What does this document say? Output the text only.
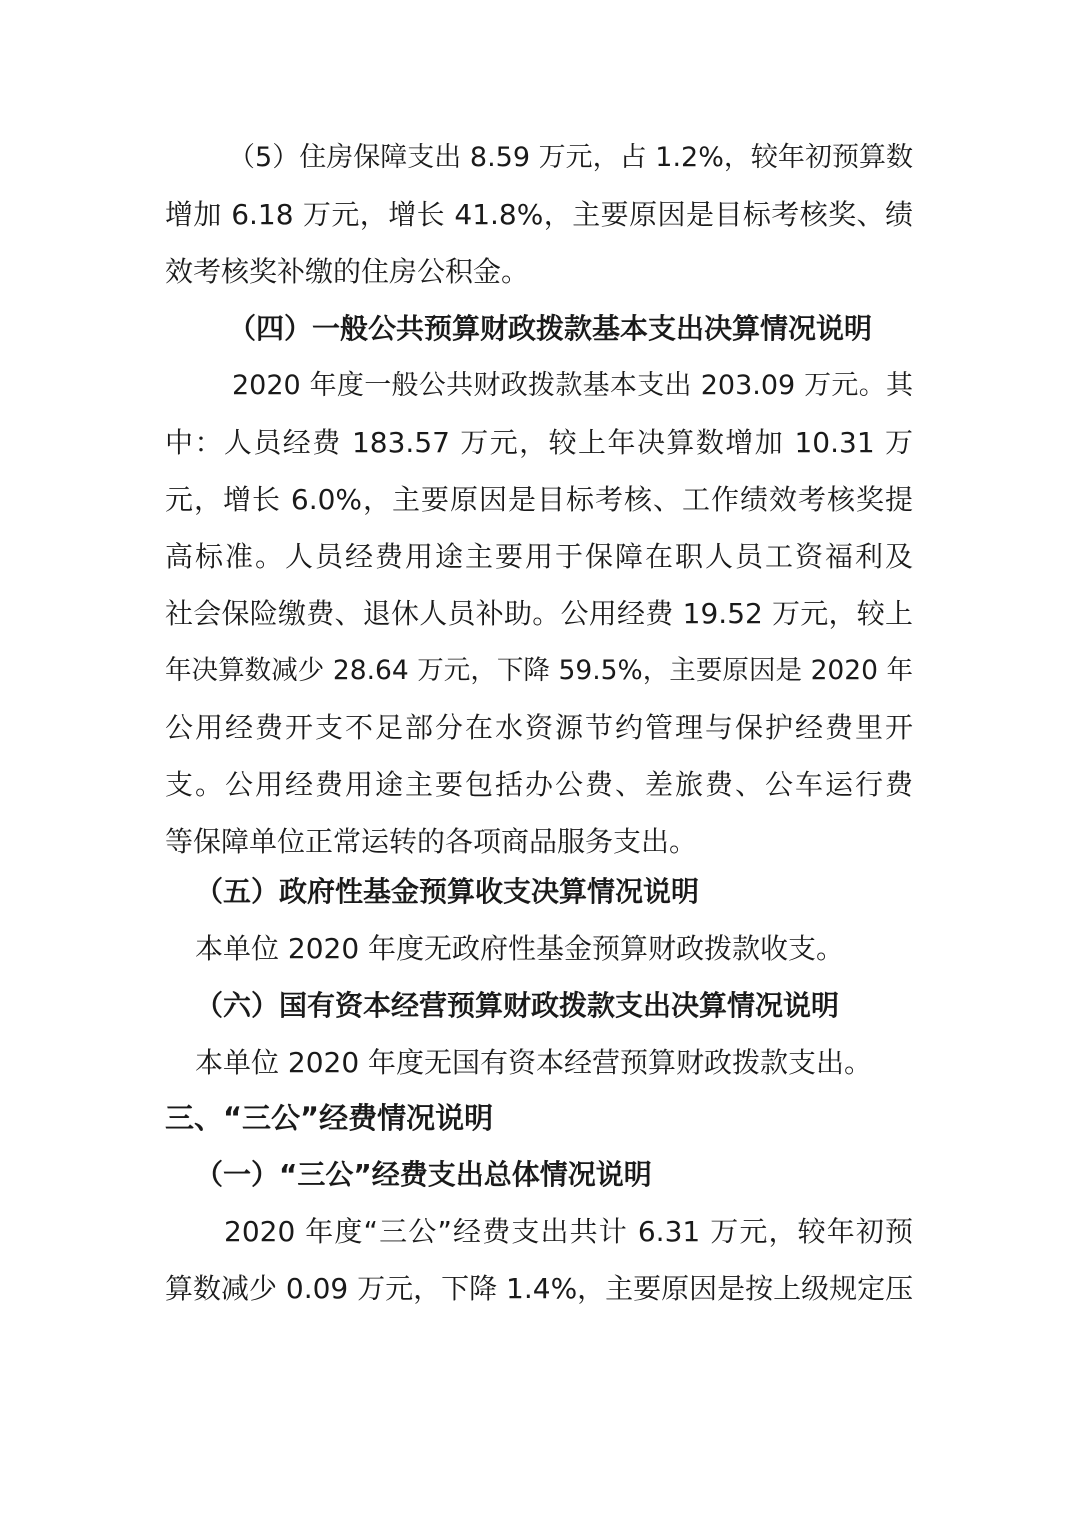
（5）住房保障支出 8.59 万元，占 1.2%，较年初预算数
增加 6.18 万元，增长 41.8%，主要原因是目标考核奖、绩
效考核奖补缴的住房公积金。
（四）一般公共预算财政拨款基本支出决算情况说明
2020 年度一般公共财政拨款基本支出 203.09 万元。其
中：人员经费 183.57 万元，较上年决算数增加 10.31 万
元，增长 6.0%，主要原因是目标考核、工作绩效考核奖提
高标准。人员经费用途主要用于保障在职人员工资福利及
社会保险缴费、退休人员补助。公用经费 19.52 万元，较上
年决算数减少 28.64 万元，下降 59.5%，主要原因是 2020 年
公用经费开支不足部分在水资源节约管理与保护经费里开
支。公用经费用途主要包括办公费、差旅费、公车运行费
等保障单位正常运转的各项商品服务支出。
（五）政府性基金预算收支决算情况说明
本单位 2020 年度无政府性基金预算财政拨款收支。
（六）国有资本经营预算财政拨款支出决算情况说明
本单位 2020 年度无国有资本经营预算财政拨款支出。
三、“三公”经费情况说明
（一）“三公”经费支出总体情况说明
2020 年度“三公”经费支出共计 6.31 万元，较年初预
算数减少 0.09 万元，下降 1.4%，主要原因是按上级规定压
